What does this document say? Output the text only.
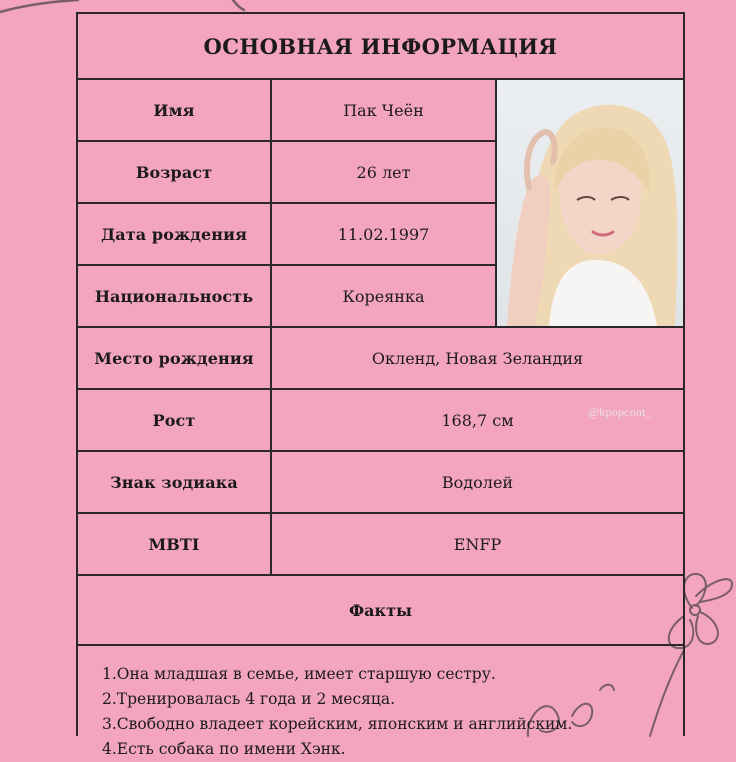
ОСНОВНАЯ ИНФОРМАЦИЯ
Имя	Пак Чеён
Возраст	26 лет
Дата рождения	11.02.1997
Национальность	Кореянка
Место рождения	Окленд, Новая Зеландия
Рост	168,7 см
Знак зодиака	Водолей
MBTI	ENFP
Факты
1.Она младшая в семье, имеет старшую сестру.
2.Тренировалась 4 года и 2 месяца.
3.Свободно владеет корейским, японским и английским.
4.Есть собака по имени Хэнк.
@kpopcont_
